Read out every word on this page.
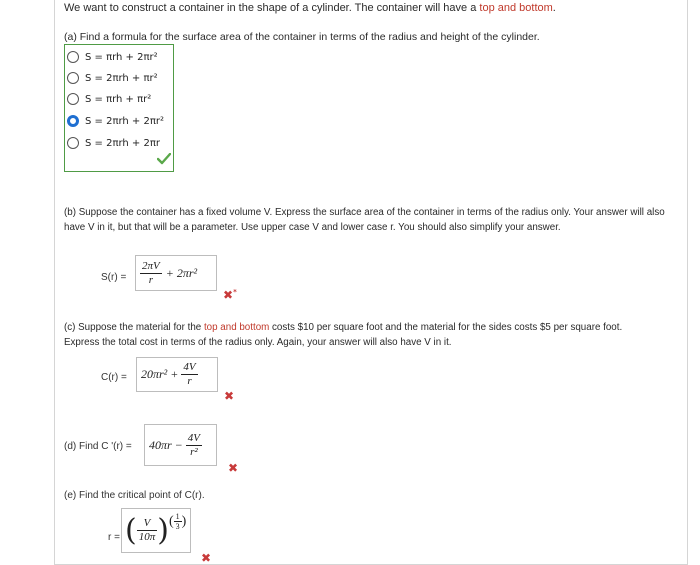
We want to construct a container in the shape of a cylinder. The container will have a top and bottom.
(a) Find a formula for the surface area of the container in terms of the radius and height of the cylinder.
S = πrh + 2πr²
S = 2πrh + πr²
S = πrh + πr²
S = 2πrh + 2πr²
S = 2πrh + 2πr
(b) Suppose the container has a fixed volume V. Express the surface area of the container in terms of the radius only. Your answer will also have V in it, but that will be a parameter. Use upper case V and lower case r. You should also simplify your answer.
$S(r) = \frac{2\pi V}{r} + 2\pi r^2$
✖*
(c) Suppose the material for the top and bottom costs $10 per square foot and the material for the sides costs $5 per square foot.
Express the total cost in terms of the radius only. Again, your answer will also have V in it.
$C(r) = 20\pi r^2 + \frac{4V}{r}$
✖
(d) Find C '$(r) = 40\pi r - \frac{4V}{\text{r²}}$
✖
(e) Find the critical point of C(r).
r = ( $\frac{V}{10\pi}$ ) ( $\frac{1}{3}$ )
✖
